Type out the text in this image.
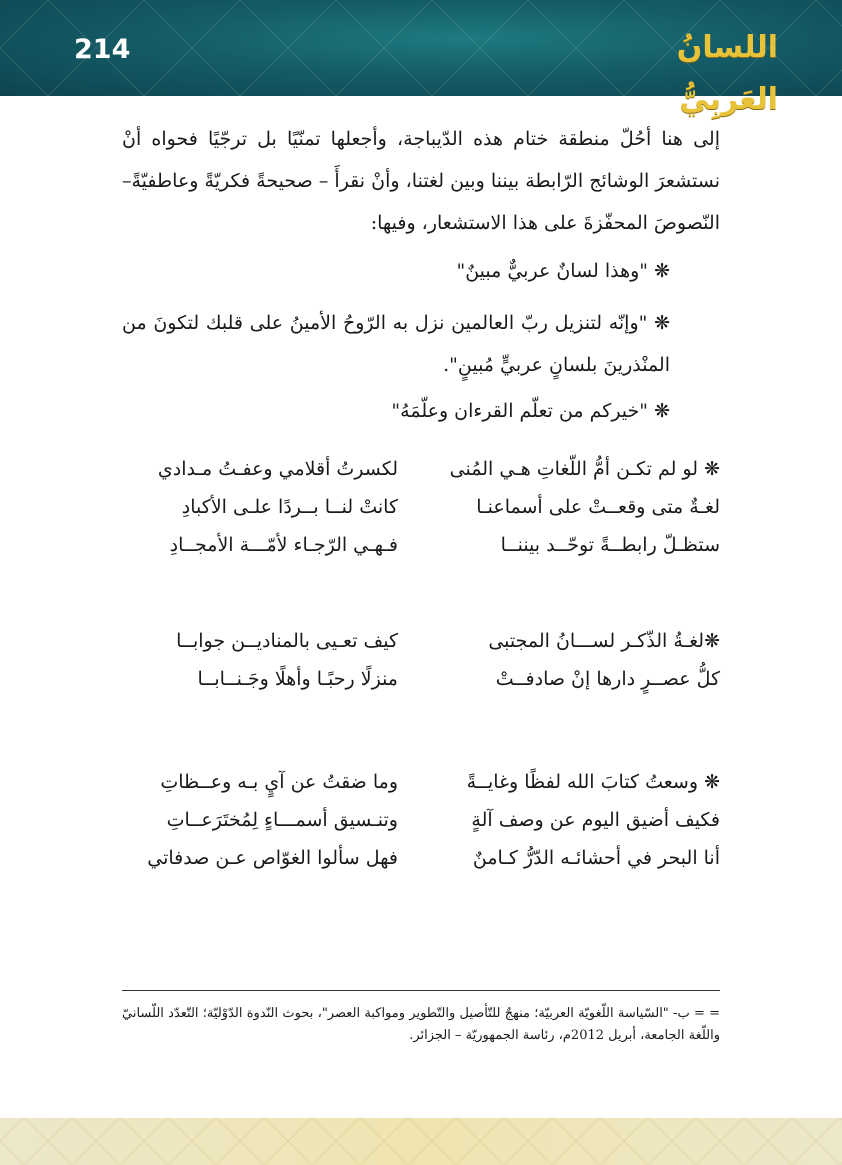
214	اللسانُ العَربِيُّ

إلى هنا أحُلّ منطقة ختام هذه الدّيباجة، وأجعلها تمنّيًا بل ترجّيًا فحواه أنْ نستشعرَ الوشائج الرّابطة بيننا وبين لغتنا، وأنْ نقرأَ – صحيحةً فكريّةً وعاطفيّةً– النّصوصَ المحفّزةَ على هذا الاستشعار، وفيها:

❋ "وهذا لسانٌ عربيٌّ مبينٌ"
❋ "وإنّه لتنزيل ربّ العالمين نزل به الرّوحُ الأمينُ على قلبك لتكونَ من المنْذرينَ بلسانٍ عربيٍّ مُبينٍ".
❋ "خيركم من تعلّم القرءان وعلّمَهُ"
❋ لو لم تكـن أمُّ اللّغاتِ هـي المُنى
لكسرتُ أقلامي وعفـتُ مـدادي
لغـةٌ متى وقعــتْ على أسماعنـا
كانتْ لنــا بــردًا علـى الأكبادِ
ستظـلّ رابطــةً توحّــد بيننــا
فـهـي الرّجـاء لأمّـــة الأمجــادِ
❋لغـةُ الذّكـر لســـانُ المجتبى
كيف تعـيى بالمناديــن جوابــا
كلُّ عصــرٍ دارها إنْ صادفــتْ
منزلًا رحبًـا وأهلًا وجَـنــابــا
❋ وسعتُ كتابَ الله لفظًا وغايــةً
وما ضقتُ عن آيٍ بـه وعــظاتِ
فكيف أضيق اليوم عن وصف آلةٍ
وتنـسيق أسمـــاءٍ لِمُختَرَعــاتِ
أنا البحر في أحشائـه الدّرُّ كـامنٌ
فهل سألوا الغوّاص عـن صدفاتي

= = ب- "السّياسة اللّغويّة العربيّة؛ منهجٌ للتّأصيل والتّطوير ومواكبة العصر"، بحوث النّدوة الدّوْليّة؛ التّعدّد اللّسانيّ واللّغة الجامعة، أبريل 2012م، رئاسة الجمهوريّة – الجزائر.
